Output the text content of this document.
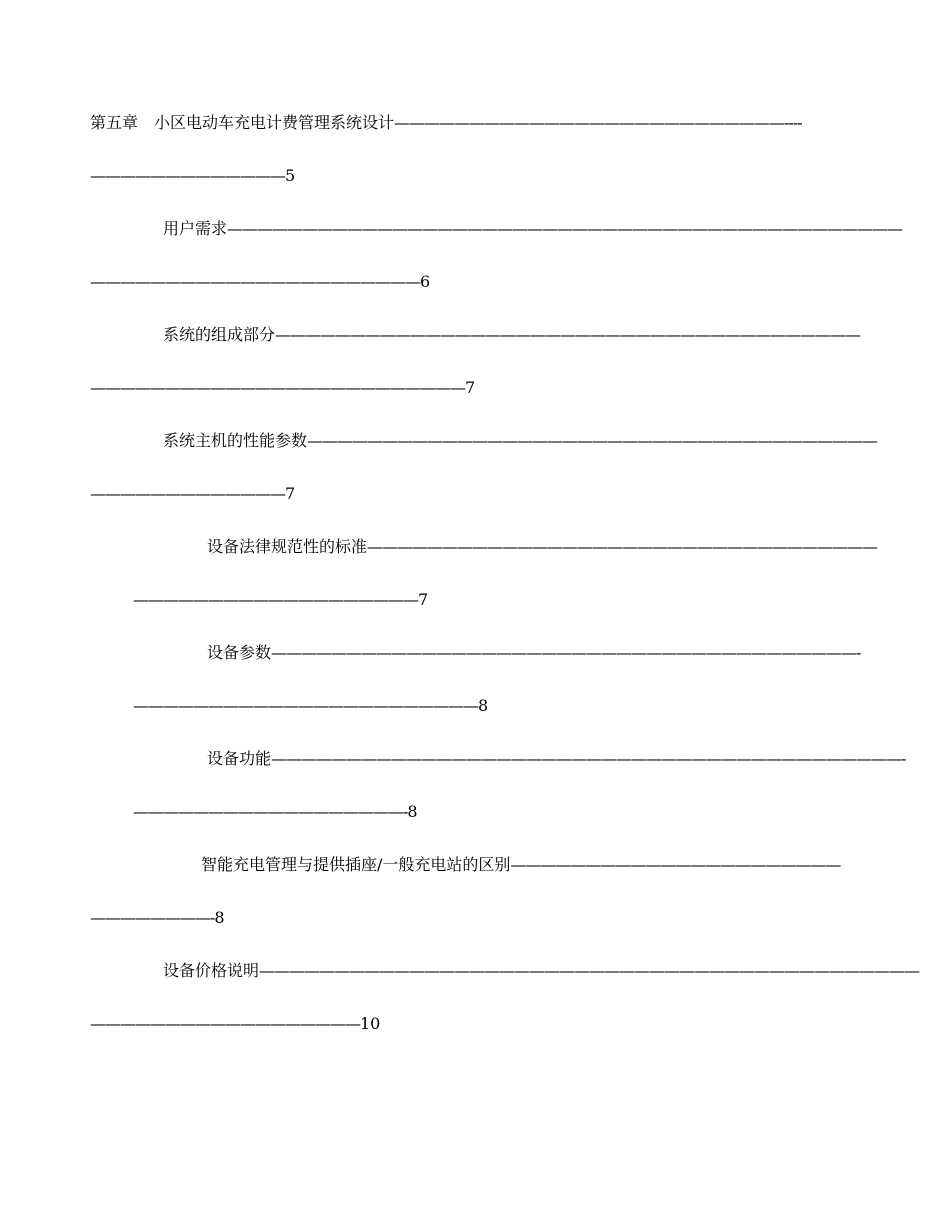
第五章　小区电动车充电计费管理系统设计——————————————————————————----
—————————————5
用户需求—————————————————————————————————————————————
——————————————————————6
系统的组成部分———————————————————————————————————————
—————————————————————————7
系统主机的性能参数——————————————————————————————————————
—————————————7
设备法律规范性的标准——————————————————————————————————
———————————————————7
设备参数———————————————————————————————————————-
———————————————————————8
设备功能——————————————————————————————————————————-
——————————————————-8
智能充电管理与提供插座/一般充电站的区别——————————————————————
————————-8
设备价格说明————————————————————————————————————————————
——————————————————10
